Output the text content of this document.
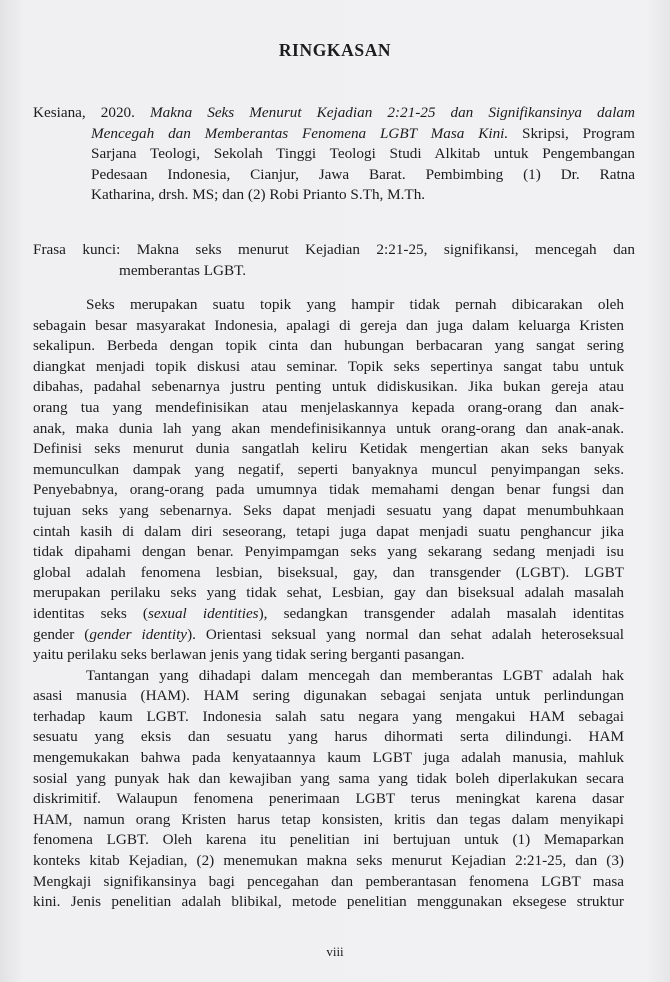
RINGKASAN
Kesiana, 2020. Makna Seks Menurut Kejadian 2:21-25 dan Signifikansinya dalam
Mencegah dan Memberantas Fenomena LGBT Masa Kini. Skripsi, Program
Sarjana Teologi, Sekolah Tinggi Teologi Studi Alkitab untuk Pengembangan
Pedesaan Indonesia, Cianjur, Jawa Barat. Pembimbing (1) Dr. Ratna
Katharina, drsh. MS; dan (2) Robi Prianto S.Th, M.Th.
Frasa kunci: Makna seks menurut Kejadian 2:21-25, signifikansi, mencegah dan
memberantas LGBT.
Seks merupakan suatu topik yang hampir tidak pernah dibicarakan oleh
sebagain besar masyarakat Indonesia, apalagi di gereja dan juga dalam keluarga Kristen
sekalipun. Berbeda dengan topik cinta dan hubungan berbacaran yang sangat sering
diangkat menjadi topik diskusi atau seminar. Topik seks sepertinya sangat tabu untuk
dibahas, padahal sebenarnya justru penting untuk didiskusikan. Jika bukan gereja atau
orang tua yang mendefinisikan atau menjelaskannya kepada orang-orang dan anak-
anak, maka dunia lah yang akan mendefinisikannya untuk orang-orang dan anak-anak.
Definisi seks menurut dunia sangatlah keliru Ketidak mengertian akan seks banyak
memunculkan dampak yang negatif, seperti banyaknya muncul penyimpangan seks.
Penyebabnya, orang-orang pada umumnya tidak memahami dengan benar fungsi dan
tujuan seks yang sebenarnya. Seks dapat menjadi sesuatu yang dapat menumbuhkaan
cintah kasih di dalam diri seseorang, tetapi juga dapat menjadi suatu penghancur jika
tidak dipahami dengan benar. Penyimpamgan seks yang sekarang sedang menjadi isu
global adalah fenomena lesbian, biseksual, gay, dan transgender (LGBT). LGBT
merupakan perilaku seks yang tidak sehat, Lesbian, gay dan biseksual adalah masalah
identitas seks (sexual identities), sedangkan transgender adalah masalah identitas
gender (gender identity). Orientasi seksual yang normal dan sehat adalah heteroseksual
yaitu perilaku seks berlawan jenis yang tidak sering berganti pasangan.
Tantangan yang dihadapi dalam mencegah dan memberantas LGBT adalah hak
asasi manusia (HAM). HAM sering digunakan sebagai senjata untuk perlindungan
terhadap kaum LGBT. Indonesia salah satu negara yang mengakui HAM sebagai
sesuatu yang eksis dan sesuatu yang harus dihormati serta dilindungi. HAM
mengemukakan bahwa pada kenyataannya kaum LGBT juga adalah manusia, mahluk
sosial yang punyak hak dan kewajiban yang sama yang tidak boleh diperlakukan secara
diskrimitif. Walaupun fenomena penerimaan LGBT terus meningkat karena dasar
HAM, namun orang Kristen harus tetap konsisten, kritis dan tegas dalam menyikapi
fenomena LGBT. Oleh karena itu penelitian ini bertujuan untuk (1) Memaparkan
konteks kitab Kejadian, (2) menemukan makna seks menurut Kejadian 2:21-25, dan (3)
Mengkaji signifikansinya bagi pencegahan dan pemberantasan fenomena LGBT masa
kini. Jenis penelitian adalah blibikal, metode penelitian menggunakan eksegese struktur
viii
